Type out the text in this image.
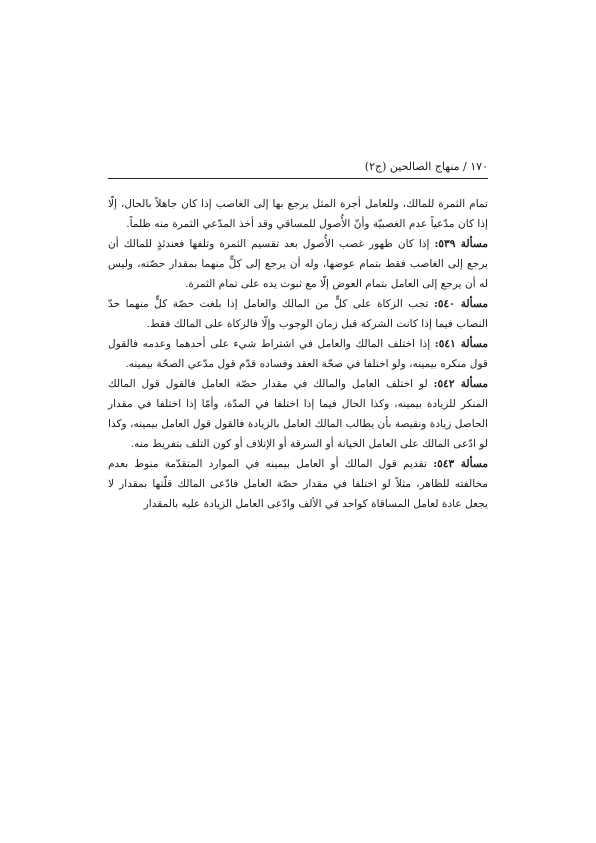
١٧٠ / منهاج الصالحين (ج٢)

تمام الثمرة للمالك، وللعامل أجرة المثل يرجع بها إلى الغاصب إذا كان جاهلاً بالحال، إلّا إذا كان مدّعياً عدم الغصبيّة وأنّ الأُصول للمساقي وقد أخذ المدّعي الثمرة منه ظلماً.

مسألة ٥٣٩: إذا كان ظهور غصب الأُصول بعد تقسيم الثمرة وتلفها فعندئذٍ للمالك أن يرجع إلى الغاصب فقط بتمام عوضها، وله أن يرجع إلى كلٍّ منهما بمقدار حصّته، وليس له أن يرجع إلى العامل بتمام العوض إلّا مع ثبوت يده على تمام الثمرة.

مسألة ٥٤٠: تجب الزكاة على كلٍّ من المالك والعامل إذا بلغت حصّة كلٍّ منهما حدّ النصاب فيما إذا كانت الشركة قبل زمان الوجوب وإلّا فالزكاة على المالك فقط.

مسألة ٥٤١: إذا اختلف المالك والعامل في اشتراط شيء على أحدهما وعدمه فالقول قول منكره بيمينه، ولو اختلفا في صحّة العقد وفساده قدّم قول مدّعي الصحّة بيمينه.

مسألة ٥٤٢: لو اختلف العامل والمالك في مقدار حصّة العامل فالقول قول المالك المنكر للزيادة بيمينه، وكذا الحال فيما إذا اختلفا في المدّة، وأمّا إذا اختلفا في مقدار الحاصل زيادة ونقيصة بأن يطالب المالك العامل بالزيادة فالقول قول العامل بيمينه، وكذا لو ادّعى المالك على العامل الخيانة أو السرقة أو الإتلاف أو كون التلف بتفريط منه.

مسألة ٥٤٣: تقديم قول المالك أو العامل بيمينه في الموارد المتقدّمة منوط بعدم مخالفته للظاهر، مثلاً لو اختلفا في مقدار حصّة العامل فادّعى المالك قلّتها بمقدار لا يجعل عادة لعامل المساقاة كواحد في الألف وادّعى العامل الزيادة عليه بالمقدار
